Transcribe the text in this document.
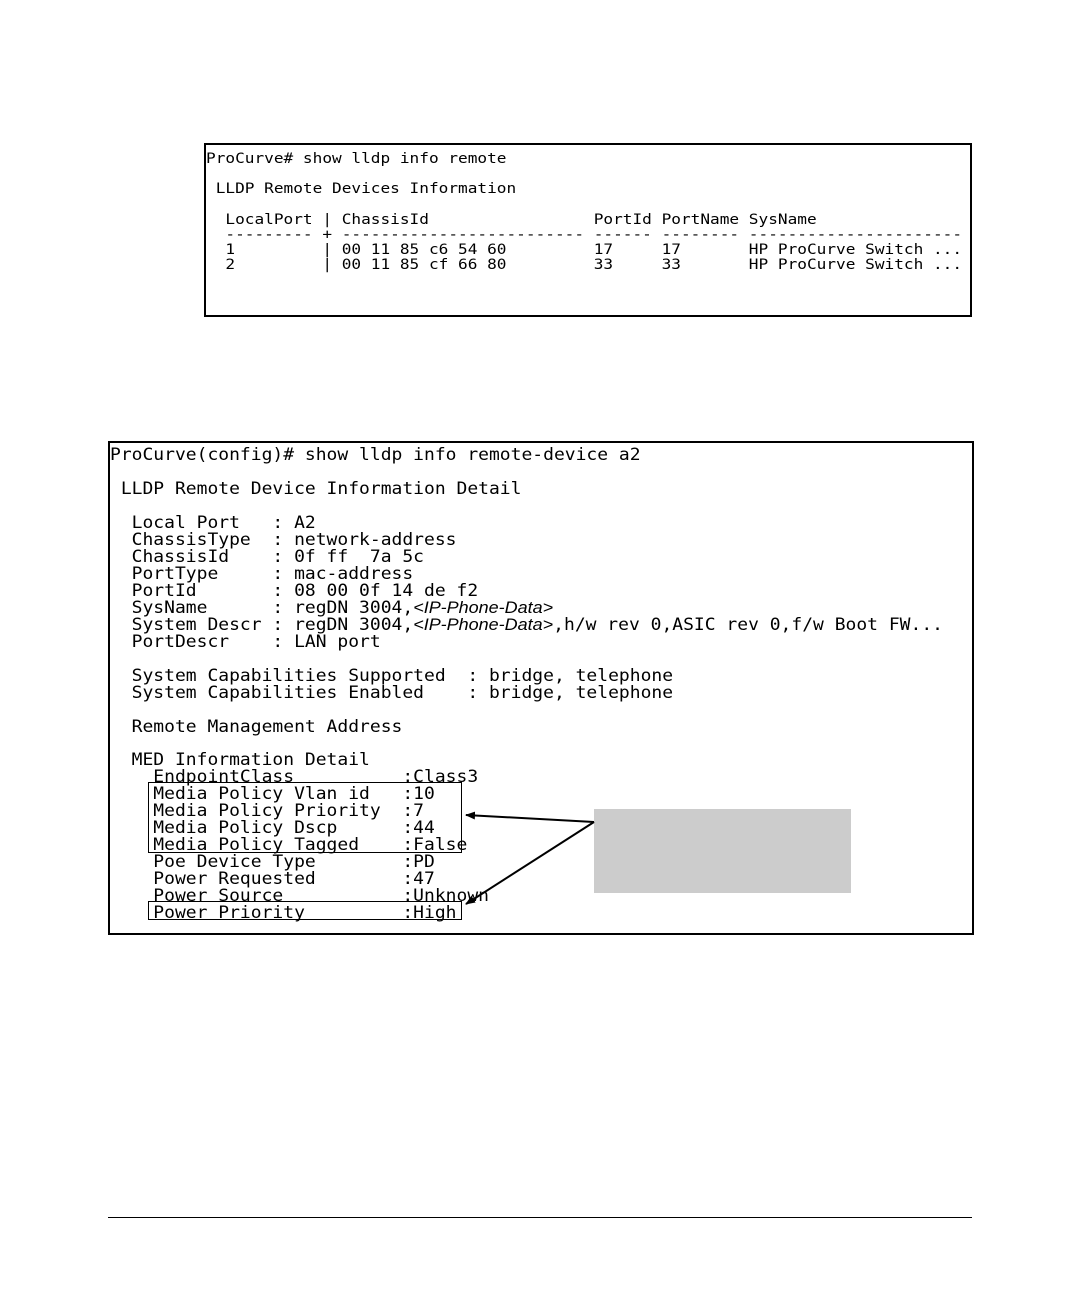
ProCurve# show lldp info remote
LLDP Remote Devices Information
LocalPort | ChassisId                 PortId PortName SysName
--------- + ------------------------- ------ -------- ----------------------
1         | 00 11 85 c6 54 60         17     17       HP ProCurve Switch ...
2         | 00 11 85 cf 66 80         33     33       HP ProCurve Switch ...
ProCurve(config)# show lldp info remote-device a2
LLDP Remote Device Information Detail
Local Port   : A2
ChassisType  : network-address
ChassisId    : 0f ff  7a 5c
PortType     : mac-address
PortId       : 08 00 0f 14 de f2
SysName      : regDN 3004,<IP-Phone-Data>
System Descr : regDN 3004,<IP-Phone-Data>,h/w rev 0,ASIC rev 0,f/w Boot FW...
PortDescr    : LAN port
System Capabilities Supported  : bridge, telephone
System Capabilities Enabled    : bridge, telephone
Remote Management Address
MED Information Detail
EndpointClass          :Class3
Media Policy Vlan id   :10
Media Policy Priority  :7
Media Policy Dscp      :44
Media Policy Tagged    :False
Poe Device Type        :PD
Power Requested        :47
Power Source           :Unknown
Power Priority         :High
